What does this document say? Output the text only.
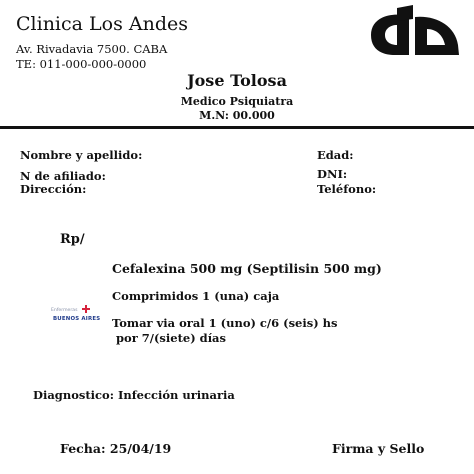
Clinica Los Andes
Av. Rivadavia 7500. CABA
TE: 011-000-000-0000
Jose Tolosa
Medico Psiquiatra
M.N: 00.000
Nombre y apellido:
N de afiliado:
Dirección:
Edad:
DNI:
Teléfono:
Rp/
Cefalexina 500 mg (Septilisin 500 mg)
Comprimidos 1 (una) caja
Enfermeras
BUENOS AIRES Tomar via oral 1 (uno) c/6 (seis) hs
por 7/(siete) días
Diagnostico: Infección urinaria
Fecha: 25/04/19	Firma y Sello
